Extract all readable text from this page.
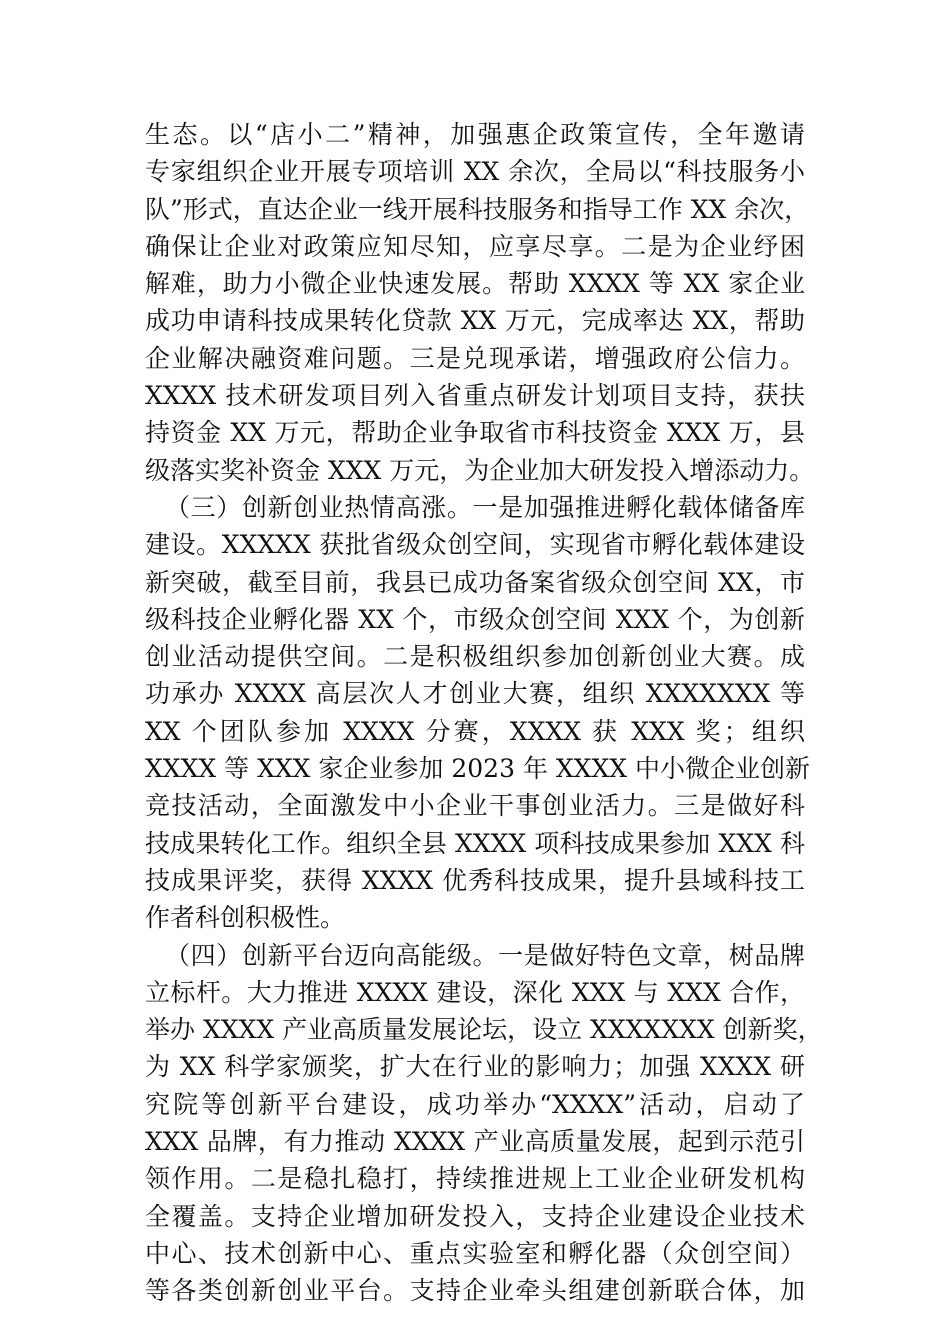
生态。以“店小二”精神，加强惠企政策宣传，全年邀请
专家组织企业开展专项培训 XX 余次，全局以“科技服务小
队”形式，直达企业一线开展科技服务和指导工作 XX 余次，
确保让企业对政策应知尽知，应享尽享。二是为企业纾困
解难，助力小微企业快速发展。帮助 XXXX 等 XX 家企业
成功申请科技成果转化贷款 XX 万元，完成率达 XX，帮助
企业解决融资难问题。三是兑现承诺，增强政府公信力。
XXXX 技术研发项目列入省重点研发计划项目支持，获扶
持资金 XX 万元，帮助企业争取省市科技资金 XXX 万，县
级落实奖补资金 XXX 万元，为企业加大研发投入增添动力。
（三）创新创业热情高涨。一是加强推进孵化载体储备库
建设。XXXXX 获批省级众创空间，实现省市孵化载体建设
新突破，截至目前，我县已成功备案省级众创空间 XX，市
级科技企业孵化器 XX 个，市级众创空间 XXX 个，为创新
创业活动提供空间。二是积极组织参加创新创业大赛。成
功承办 XXXX 高层次人才创业大赛，组织 XXXXXXX 等
XX 个团队参加 XXXX 分赛，XXXX 获 XXX 奖；组织
XXXX 等 XXX 家企业参加 2023 年 XXXX 中小微企业创新
竞技活动，全面激发中小企业干事创业活力。三是做好科
技成果转化工作。组织全县 XXXX 项科技成果参加 XXX 科
技成果评奖，获得 XXXX 优秀科技成果，提升县域科技工
作者科创积极性。
（四）创新平台迈向高能级。一是做好特色文章，树品牌
立标杆。大力推进 XXXX 建设，深化 XXX 与 XXX 合作，
举办 XXXX 产业高质量发展论坛，设立 XXXXXXX 创新奖，
为 XX 科学家颁奖，扩大在行业的影响力；加强 XXXX 研
究院等创新平台建设，成功举办“XXXX”活动，启动了
XXX 品牌，有力推动 XXXX 产业高质量发展，起到示范引
领作用。二是稳扎稳打，持续推进规上工业企业研发机构
全覆盖。支持企业增加研发投入，支持企业建设企业技术
中心、技术创新中心、重点实验室和孵化器（众创空间）
等各类创新创业平台。支持企业牵头组建创新联合体，加
